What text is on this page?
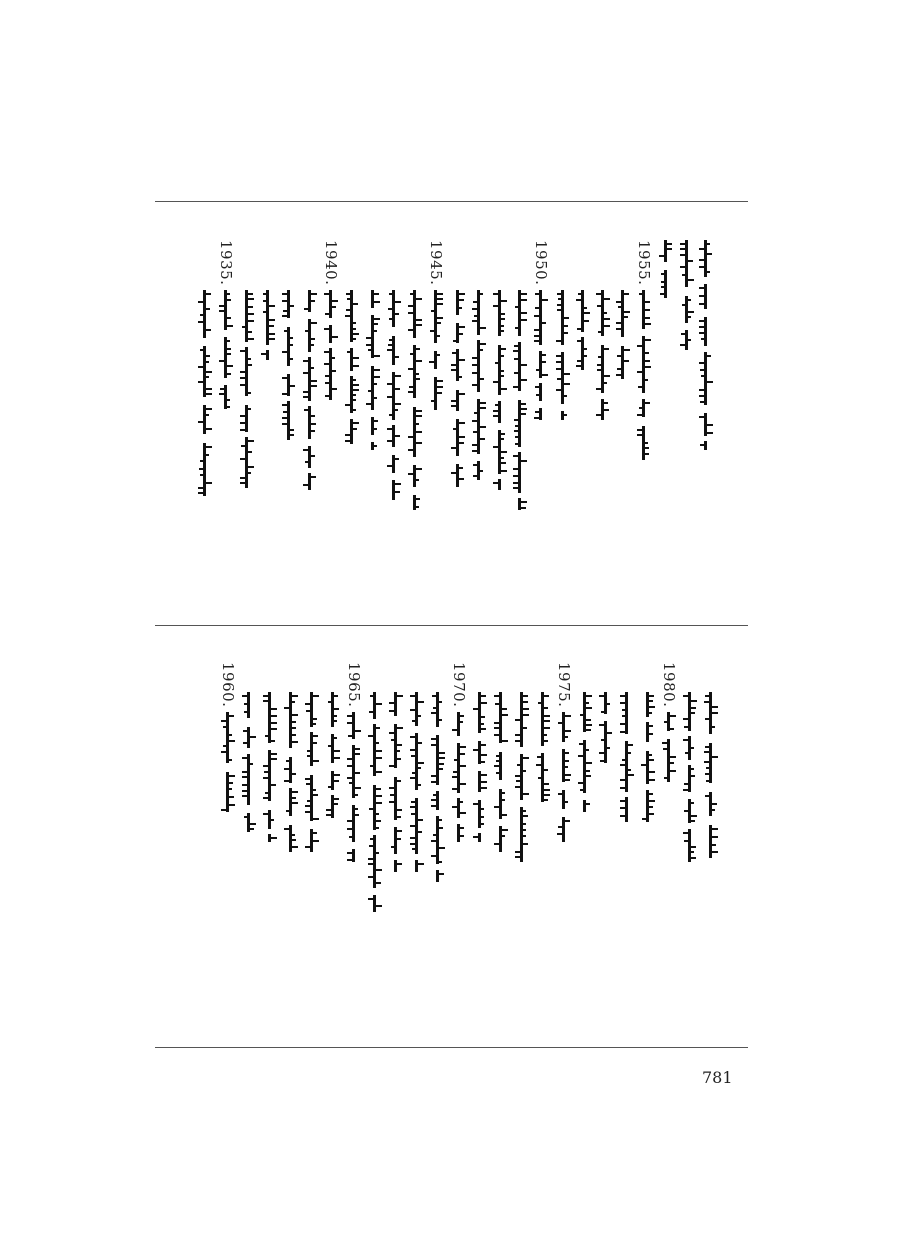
1955.
1950.
1945.
1940.
1935.
1980.
1975.
1970.
1965.
1960.
781
